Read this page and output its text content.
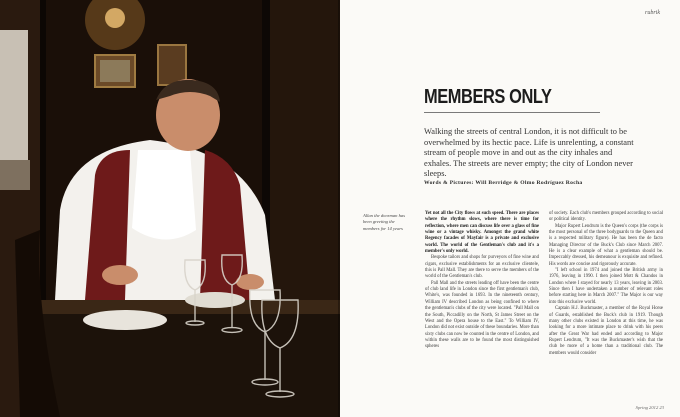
rubrik
MEMBERS ONLY
Walking the streets of central London, it is not difficult to be overwhelmed by its hectic pace. Life is unrelenting, a constant stream of people move in and out as the city inhales and exhales. The streets are never empty; the city of London never sleeps.
Words & Pictures: Will Berridge & Olmo Rodríguez Rocha
Allan the doorman has been greeting the members for 14 years

Yet not all the City flows at such speed. There are places where the rhythm slows, where there is time for reflection, where men can discuss life over a glass of fine wine or a vintage whisky. Amongst the grand white Regency facades of Mayfair is a private and exclusive world. The world of the Gentleman's club and it's a member's only world.

Bespoke tailors and shops for purveyors of fine wine and cigars, exclusive establishments for an exclusive clientele, this is Pall Mall. They are there to serve the members of the world of the Gentleman's club.

Pall Mall and the streets leading off have been the centre of club land life in London since the first gentleman's club, White's, was founded in 1693. In the nineteenth century, William IV described London as being confined to where the gentleman's clubs of the city were located. "Pall Mall on the South, Piccadilly on the North, St James Street on the West and the Opera house to the East." To William IV, London did not exist outside of these boundaries. More than sixty clubs can now be counted in the centre of London, and within these walls are to be found the most distinguished spheres

of society. Each club's members grouped according to social or political identity.

Major Rupert Lendrum is the Queen's corps (the corps is the most personal of the three bodyguards to the Queen and is a respected military figure). He has been the de facto Managing Director of the Buck's Club since March 2007. He is a clear example of what a gentleman should be. Impeccably dressed, his demeanour is exquisite and refined. His words are concise and rigorously accurate.

"I left school in 1974 and joined the British army in 1976, leaving in 1990. I then joined Mott & Chandos in London where I stayed for nearly 13 years, leaving in 2003. Since then I have undertaken a number of relevant roles before starting here in March 2007." The Major is our way into this exclusive world.

Captain H.J. Buckmaster, a member of the Royal Horse of Guards, established the Buck's club in 1919. Though many other clubs existed in London at this time, he was looking for a more intimate place to drink with his peers after the Great War had ended and according to Major Rupert Lendrum, "It was the Buckmaster's wish that the club be more of a home than a traditional club. The members would consider

Spring 2012 23
